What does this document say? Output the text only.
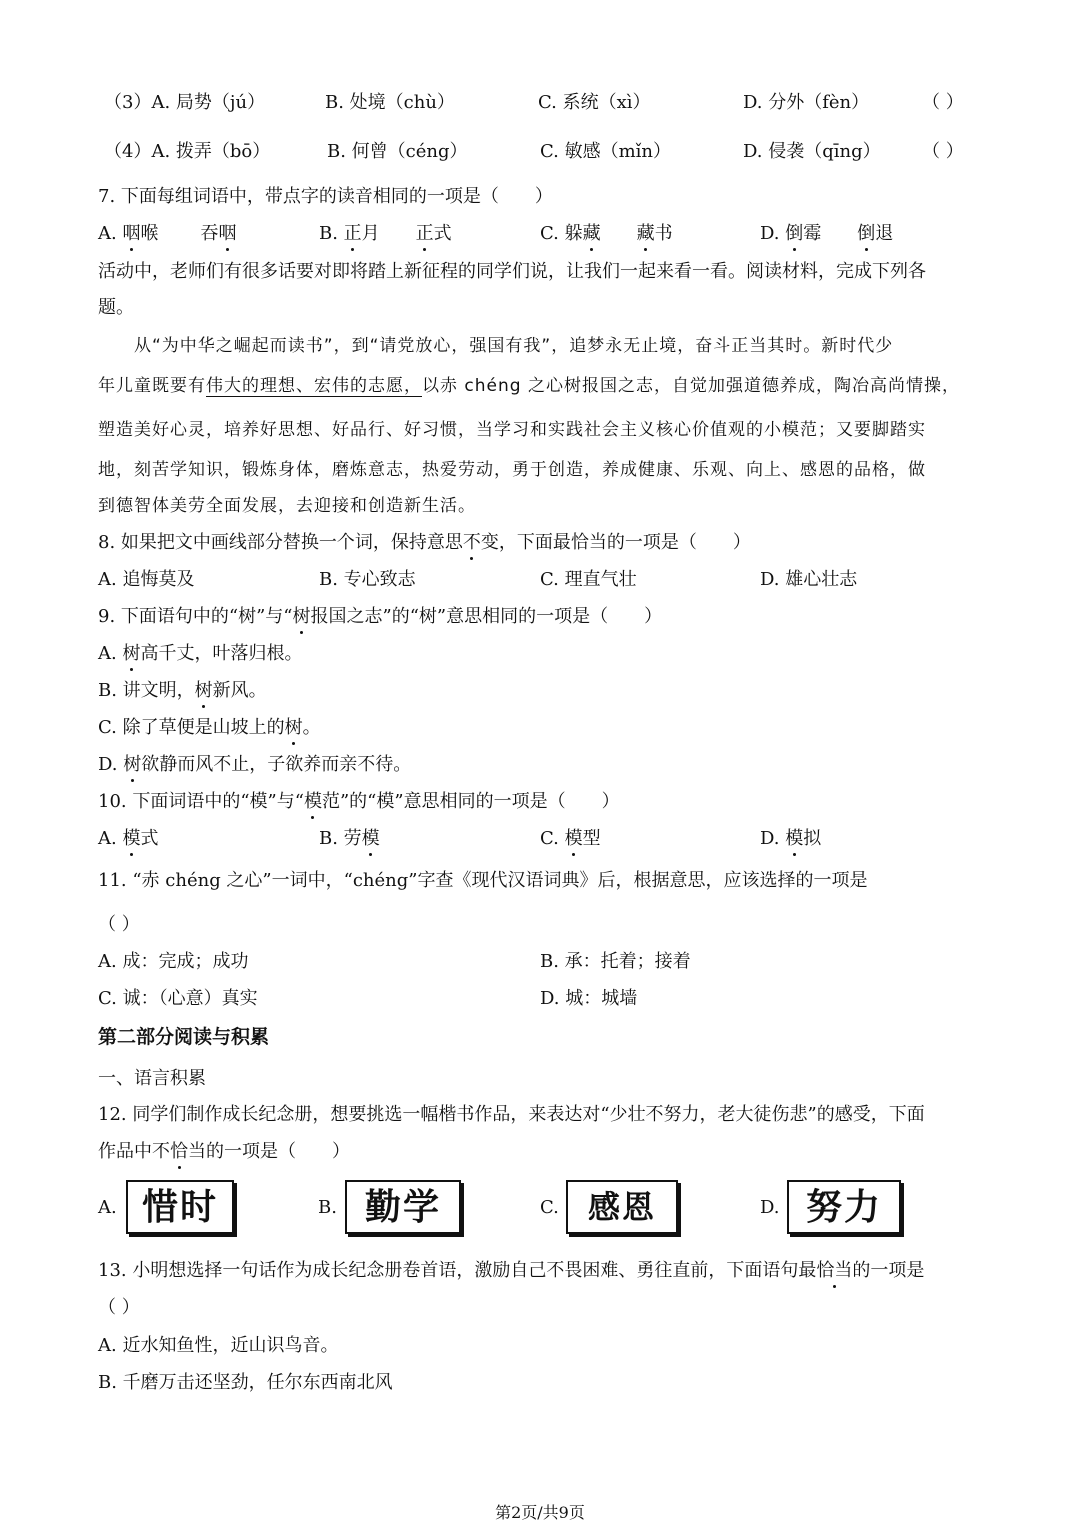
（3）A. 局势（jú）	B. 处境（chù）	C. 系统（xì）	D. 分外（fèn）	（ ）
（4）A. 拨弄（bō）	B. 何曾（céng）	C. 敏感（mǐn）	D. 侵袭（qīng） （ ）
7. 下面每组词语中，带点字的读音相同的一项是（ ）
A. 咽喉 吞咽	B. 正月 正式	C. 躲藏 藏书	D. 倒霉 倒退
活动中，老师们有很多话要对即将踏上新征程的同学们说，让我们一起来看一看。阅读材料，完成下列各
题。
从“为中华之崛起而读书”，到“请党放心，强国有我”，追梦永无止境，奋斗正当其时。新时代少
年儿童既要有伟大的理想、宏伟的志愿，以赤 chéng 之心树报国之志，自觉加强道德养成，陶冶高尚情操，
塑造美好心灵，培养好思想、好品行、好习惯，当学习和实践社会主义核心价值观的小模范；又要脚踏实
地，刻苦学知识，锻炼身体，磨炼意志，热爱劳动，勇于创造，养成健康、乐观、向上、感恩的品格，做
到德智体美劳全面发展，去迎接和创造新生活。
8. 如果把文中画线部分替换一个词，保持意思不变，下面最恰当的一项是（ ）
A. 追悔莫及	B. 专心致志	C. 理直气壮	D. 雄心壮志
9. 下面语句中的“树”与“树报国之志”的“树”意思相同的一项是（ ）
A. 树高千丈，叶落归根。
B. 讲文明，树新风。
C. 除了草便是山坡上的树。
D. 树欲静而风不止，子欲养而亲不待。
10. 下面词语中的“模”与“模范”的“模”意思相同的一项是（ ）
A. 模式	B. 劳模	C. 模型	D. 模拟
11. “赤 chéng 之心”一词中，“chéng”字查《现代汉语词典》后，根据意思，应该选择的一项是
（ ）
A. 成：完成；成功	B. 承：托着；接着
C. 诚：（心意）真实	D. 城：城墙
第二部分阅读与积累
一、语言积累
12. 同学们制作成长纪念册，想要挑选一幅楷书作品，来表达对“少壮不努力，老大徒伤悲”的感受，下面
作品中不恰当的一项是（ ）
A. 惜时	B. 勤学	C. 感恩	D. 努力
13. 小明想选择一句话作为成长纪念册卷首语，激励自己不畏困难、勇往直前，下面语句最恰当的一项是
（ ）
A. 近水知鱼性，近山识鸟音。
B. 千磨万击还坚劲，任尔东西南北风
第2页/共9页
